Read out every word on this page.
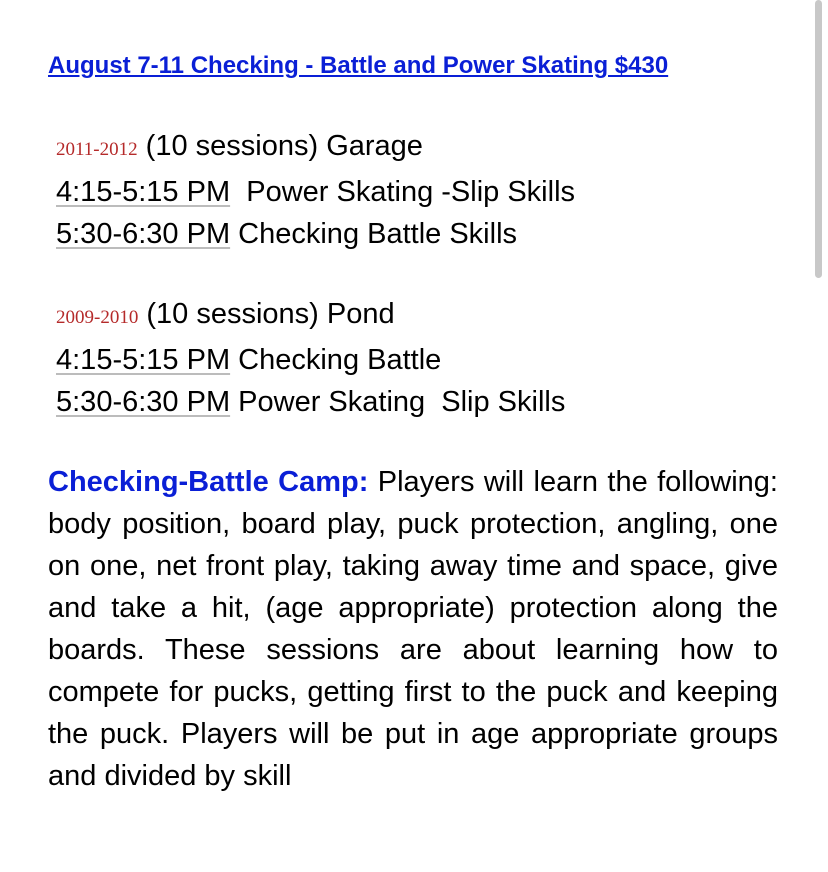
August 7-11 Checking - Battle and Power Skating $430
2011-2012 (10 sessions) Garage
4:15-5:15 PM  Power Skating -Slip Skills
5:30-6:30 PM Checking Battle Skills
2009-2010 (10 sessions) Pond
4:15-5:15 PM Checking Battle
5:30-6:30 PM Power Skating  Slip Skills
Checking-Battle Camp: Players will learn the following: body position, board play, puck protection, angling, one on one, net front play, taking away time and space, give and take a hit, (age appropriate) protection along the boards. These sessions are about learning how to compete for pucks, getting first to the puck and keeping the puck. Players will be put in age appropriate groups and divided by skill
